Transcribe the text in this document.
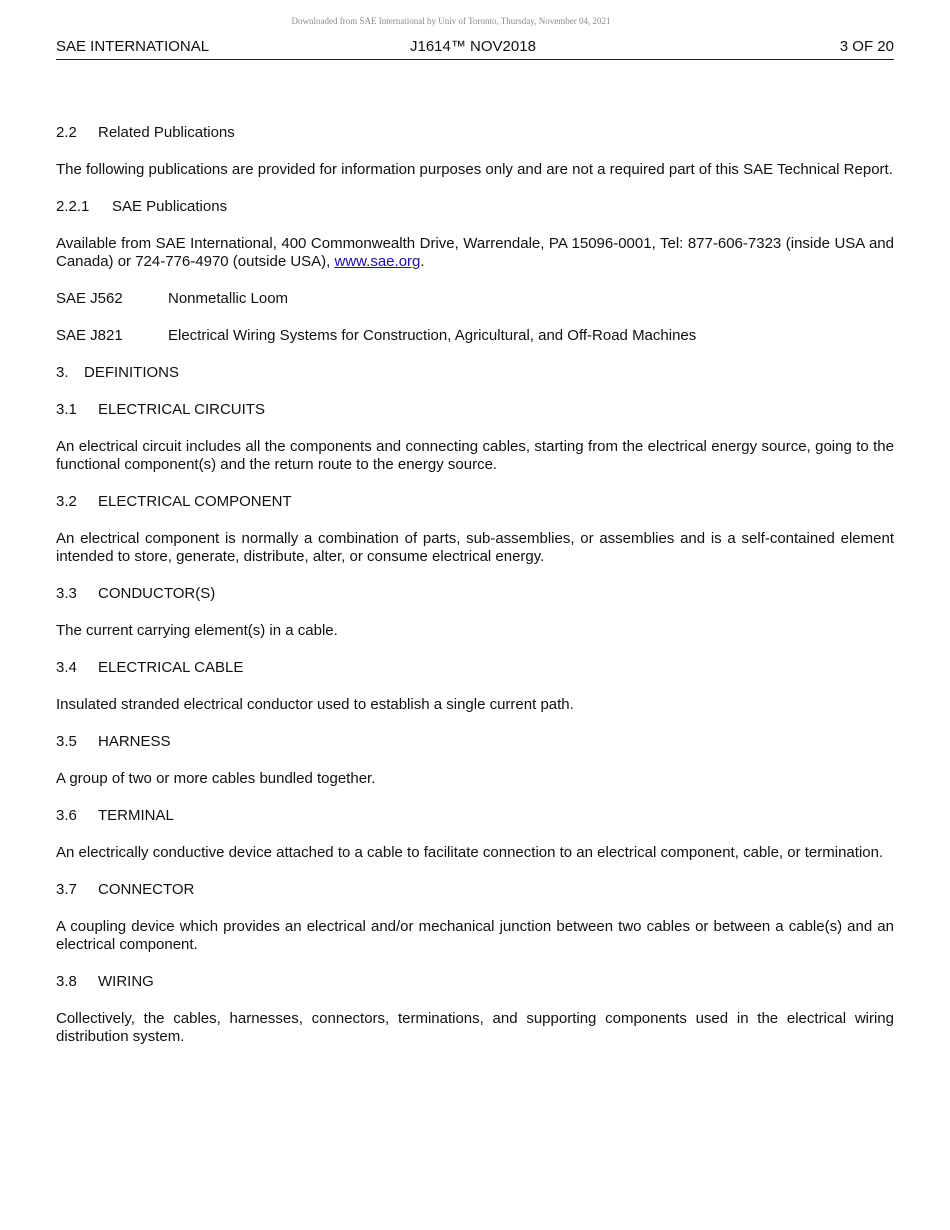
Downloaded from SAE International by Univ of Toronto, Thursday, November 04, 2021
SAE INTERNATIONAL	J1614™ NOV2018	3 OF 20
2.2 Related Publications
The following publications are provided for information purposes only and are not a required part of this SAE Technical Report.
2.2.1 SAE Publications
Available from SAE International, 400 Commonwealth Drive, Warrendale, PA 15096-0001, Tel: 877-606-7323 (inside USA and Canada) or 724-776-4970 (outside USA), www.sae.org.
SAE J562	Nonmetallic Loom
SAE J821	Electrical Wiring Systems for Construction, Agricultural, and Off-Road Machines
3. DEFINITIONS
3.1 ELECTRICAL CIRCUITS
An electrical circuit includes all the components and connecting cables, starting from the electrical energy source, going to the functional component(s) and the return route to the energy source.
3.2 ELECTRICAL COMPONENT
An electrical component is normally a combination of parts, sub-assemblies, or assemblies and is a self-contained element intended to store, generate, distribute, alter, or consume electrical energy.
3.3 CONDUCTOR(S)
The current carrying element(s) in a cable.
3.4 ELECTRICAL CABLE
Insulated stranded electrical conductor used to establish a single current path.
3.5 HARNESS
A group of two or more cables bundled together.
3.6 TERMINAL
An electrically conductive device attached to a cable to facilitate connection to an electrical component, cable, or termination.
3.7 CONNECTOR
A coupling device which provides an electrical and/or mechanical junction between two cables or between a cable(s) and an electrical component.
3.8 WIRING
Collectively, the cables, harnesses, connectors, terminations, and supporting components used in the electrical wiring distribution system.
